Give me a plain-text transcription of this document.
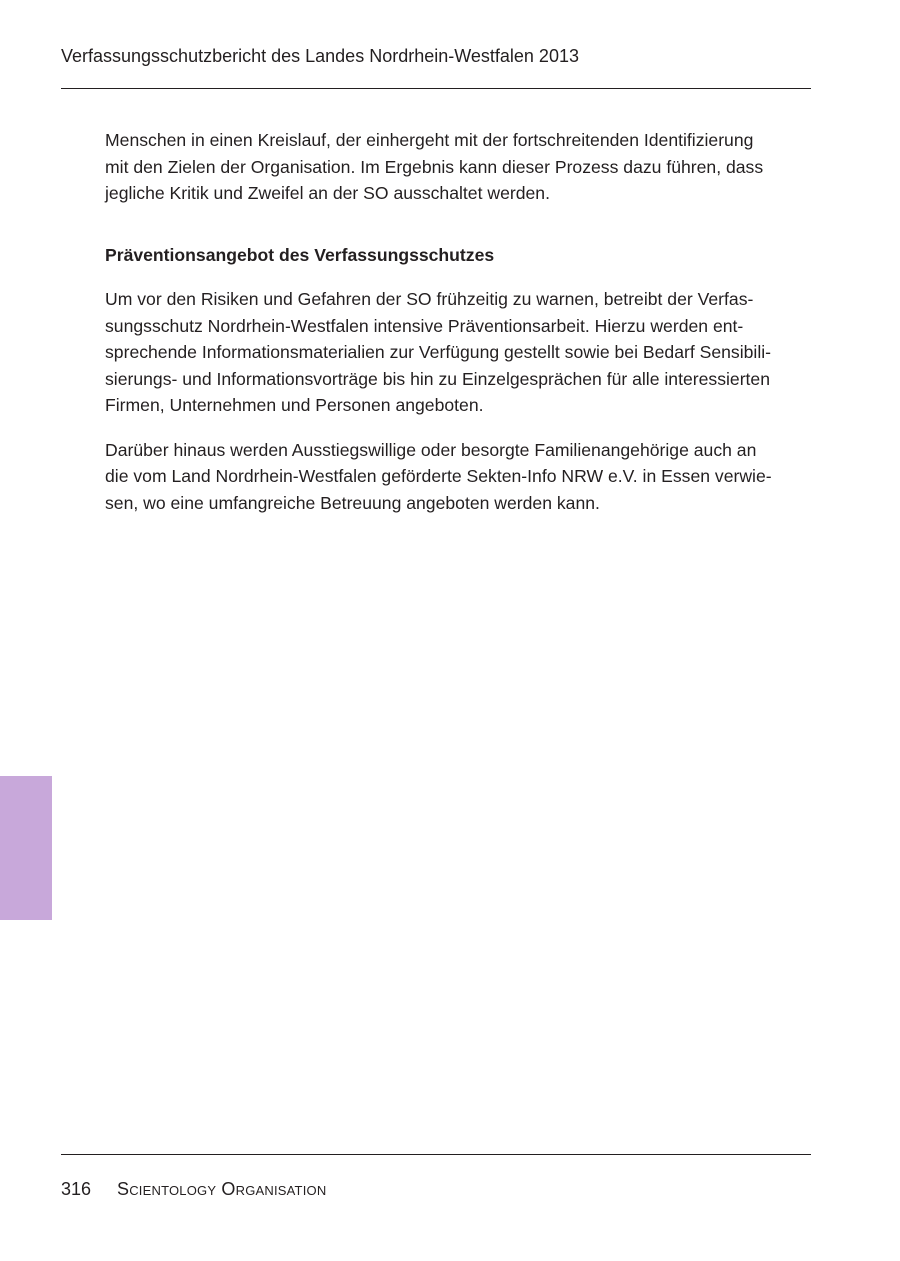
Verfassungsschutzbericht des Landes Nordrhein-Westfalen 2013

Menschen in einen Kreislauf, der einhergeht mit der fortschreitenden Identifizierung
mit den Zielen der Organisation. Im Ergebnis kann dieser Prozess dazu führen, dass
jegliche Kritik und Zweifel an der SO ausschaltet werden.

Präventionsangebot des Verfassungsschutzes

Um vor den Risiken und Gefahren der SO frühzeitig zu warnen, betreibt der Verfas-
sungsschutz Nordrhein-Westfalen intensive Präventionsarbeit. Hierzu werden ent-
sprechende Informationsmaterialien zur Verfügung gestellt sowie bei Bedarf Sensibili-
sierungs- und Informationsvorträge bis hin zu Einzelgesprächen für alle interessierten
Firmen, Unternehmen und Personen angeboten.

Darüber hinaus werden Ausstiegswillige oder besorgte Familienangehörige auch an
die vom Land Nordrhein-Westfalen geförderte Sekten-Info NRW e.V. in Essen verwie-
sen, wo eine umfangreiche Betreuung angeboten werden kann.

316 Scientology Organisation
